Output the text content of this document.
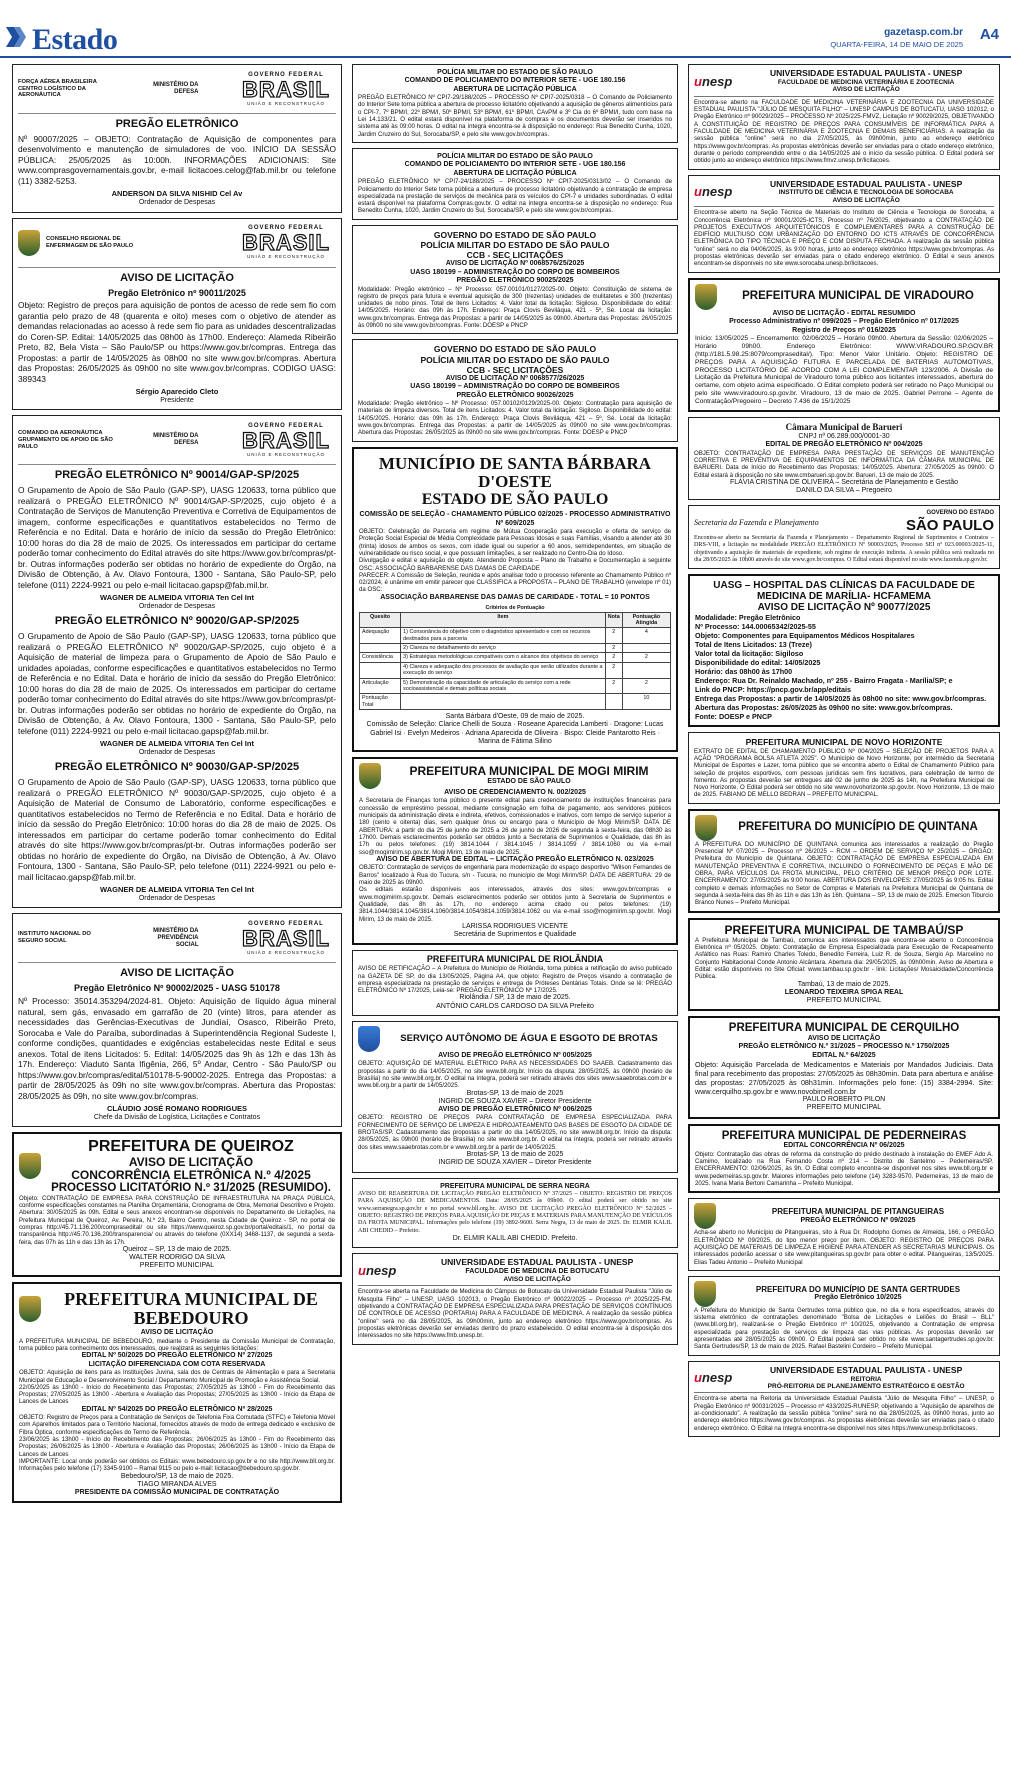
Estado	gazetasp.com.br
QUARTA-FEIRA, 14 DE MAIO DE 2025
A4
FORÇA AÉREA BRASILEIRA CENTRO LOGÍSTICO DA AERONÁUTICA
MINISTÉRIO DA DEFESA
GOVERNO FEDERAL
BRASIL
UNIÃO E RECONSTRUÇÃO
PREGÃO ELETRÔNICO
Nº 90007/2025 – OBJETO: Contratação de Aquisição de componentes para desenvolvimento e manutenção de simuladores de voo. INÍCIO DA SESSÃO PÚBLICA: 25/05/2025 às 10:00h. INFORMAÇÕES ADICIONAIS: Site www.comprasgovernamentais.gov.br, e-mail licitacoes.celog@fab.mil.br ou telefone (11) 3382-5253.
ANDERSON DA SILVA NISHID Cel Av
Ordenador de Despesas
CONSELHO REGIONAL DE ENFERMAGEM DE SÃO PAULO
GOVERNO FEDERAL
BRASIL
UNIÃO E RECONSTRUÇÃO
AVISO DE LICITAÇÃO
Pregão Eletrônico nº 90011/2025
Objeto: Registro de preços para aquisição de pontos de acesso de rede sem fio com garantia pelo prazo de 48 (quarenta e oito) meses com o objetivo de atender as demandas relacionadas ao acesso à rede sem fio para as unidades descentralizadas do Coren-SP. Editai: 14/05/2025 das 08h00 às 17h00. Endereço: Alameda Ribeirão Preto, 82, Bela Vista – São Paulo/SP ou https://www.gov.br/compras. Entrega das Propostas: a partir de 14/05/2025 às 08h00 no site www.gov.br/compras. Abertura das Propostas: 26/05/2025 às 09h00 no site www.gov.br/compras. CODIGO UASG: 389343
Sérgio Aparecido Cleto
Presidente
COMANDO DA AERONÁUTICA GRUPAMENTO DE APOIO DE SÃO PAULO
MINISTÉRIO DA DEFESA
GOVERNO FEDERAL
BRASIL
UNIÃO E RECONSTRUÇÃO
PREGÃO ELETRÔNICO Nº 90014/GAP-SP/2025
O Grupamento de Apoio de São Paulo (GAP-SP), UASG 120633, torna público que realizará o PREGÃO ELETRÔNICO Nº 90014/GAP-SP/2025, cujo objeto é a Contratação de Serviços de Manutenção Preventiva e Corretiva de Equipamentos de imagem, conforme especificações e quantitativos estabelecidos no Termo de Referência e no Edital. Data e horário de início da sessão do Pregão Eletrônico: 10:00 horas do dia 28 de maio de 2025. Os interessados em participar do certame poderão tomar conhecimento do Edital através do site https://www.gov.br/compras/pt-br. Outras informações poderão ser obtidas no horário de expediente do Órgão, na Divisão de Obtenção, à Av. Olavo Fontoura, 1300 - Santana, São Paulo-SP, pelo telefone (011) 2224-9921 ou pelo e-mail licitacao.gapsp@fab.mil.br.
WAGNER DE ALMEIDA VITORIA Ten Cel Int
Ordenador de Despesas
PREGÃO ELETRÔNICO Nº 90020/GAP-SP/2025
O Grupamento de Apoio de São Paulo (GAP-SP), UASG 120633, torna público que realizará o PREGÃO ELETRÔNICO Nº 90020/GAP-SP/2025, cujo objeto é a Aquisição de material de limpeza para o Grupamento de Apoio de São Paulo e unidades apoiadas, conforme especificações e quantitativos estabelecidos no Termo de Referência e no Edital. Data e horário de início da sessão do Pregão Eletrônico: 10:00 horas do dia 28 de maio de 2025. Os interessados em participar do certame poderão tomar conhecimento do Edital através do site https://www.gov.br/compras/pt-br. Outras informações poderão ser obtidas no horário de expediente do Órgão, na Divisão de Obtenção, à Av. Olavo Fontoura, 1300 - Santana, São Paulo-SP, pelo telefone (011) 2224-9921 ou pelo e-mail licitacao.gapsp@fab.mil.br.
WAGNER DE ALMEIDA VITORIA Ten Cel Int
Ordenador de Despesas
PREGÃO ELETRÔNICO Nº 90030/GAP-SP/2025
O Grupamento de Apoio de São Paulo (GAP-SP), UASG 120633, torna público que realizará o PREGÃO ELETRÔNICO Nº 90030/GAP-SP/2025, cujo objeto é a Aquisição de Material de Consumo de Laboratório, conforme especificações e quantitativos estabelecidos no Termo de Referência e no Edital. Data e horário de início da sessão do Pregão Eletrônico: 10:00 horas do dia 28 de maio de 2025. Os interessados em participar do certame poderão tomar conhecimento do Edital através do site https://www.gov.br/compras/pt-br. Outras informações poderão ser obtidas no horário de expediente do Órgão, na Divisão de Obtenção, à Av. Olavo Fontoura, 1300 - Santana, São Paulo-SP, pelo telefone (011) 2224-9921 ou pelo e-mail licitacao.gapsp@fab.mil.br.
WAGNER DE ALMEIDA VITORIA Ten Cel Int
Ordenador de Despesas
INSTITUTO NACIONAL DO SEGURO SOCIAL
MINISTÉRIO DA PREVIDÊNCIA SOCIAL
GOVERNO FEDERAL
BRASIL
UNIÃO E RECONSTRUÇÃO
AVISO DE LICITAÇÃO
Pregão Eletrônico Nº 90002/2025 - UASG 510178
Nº Processo: 35014.353294/2024-81. Objeto: Aquisição de líquido água mineral natural, sem gás, envasado em garrafão de 20 (vinte) litros, para atender as necessidades das Gerências-Executivas de Jundiaí, Osasco, Ribeirão Preto, Sorocaba e Vale do Paraíba, subordinadas à Superintendência Regional Sudeste I, conforme condições, quantidades e exigências estabelecidas neste Edital e seus anexos. Total de itens Licitados: 5. Edital: 14/05/2025 das 9h às 12h e das 13h às 17h. Endereço: Viaduto Santa Ifigênia, 266, 5º Andar, Centro - São Paulo/SP ou https://www.gov.br/compras/edital/510178-5-90002-2025. Entrega das Propostas: a partir de 28/05/2025 às 09h no site www.gov.br/compras. Abertura das Propostas: 28/05/2025 às 09h, no site www.gov.br/compras.
CLÁUDIO JOSÉ ROMANO RODRIGUES
Chefe da Divisão de Logística, Licitações e Contratos
PREFEITURA DE QUEIROZ
AVISO DE LICITAÇÃO
CONCORRÊNCIA ELETRÔNICA N.º 4/2025
PROCESSO LICITATÓRIO N.º 31/2025 (RESUMIDO).
Objeto: CONTRATAÇÃO DE EMPRESA PARA CONSTRUÇÃO DE INFRAESTRUTURA NA PRAÇA PÚBLICA, conforme especificações constantes na Planilha Orçamentária, Cronograma de Obra, Memorial Descritivo e Projeto. Abertura: 30/05/2025 às 09h. Edital e seus anexos encontram-se disponíveis no Departamento de Licitações, na Prefeitura Municipal de Queiroz, Av. Pereira, N.º 23, Bairro Centro, nesta Cidade de Queiroz - SP, no portal de compras http://45.71.136.200/comprasedital/ ou site https://www.queiroz.sp.gov.br/portal/editais/1, no portal da transparência http://45.70.136.200/transparencia/ ou através do telefone (0XX14) 3468-1137, de segunda a sexta-feira, das 07h às 11h e das 13h às 17h.
Queiroz – SP, 13 de maio de 2025.
WALTER RODRIGO DA SILVA
PREFEITO MUNICIPAL
PREFEITURA MUNICIPAL DE BEBEDOURO
AVISO DE LICITAÇÃO
A PREFEITURA MUNICIPAL DE BEBEDOURO, mediante o Presidente da Comissão Municipal de Contratação, torna público para conhecimento dos interessados, que realizará as seguintes licitações:
EDITAL Nº 50/2025 DO PREGÃO ELETRÔNICO Nº 27/2025
LICITAÇÃO DIFERENCIADA COM COTA RESERVADA
OBJETO: Aquisição de itens para as Instituições Juvina, sala dos de Centrais de Alimentação e para a Secretaria Municipal de Educação e Desenvolvimento Social / Departamento Municipal de Promoção e Assistência Social.
22/05/2025 às 13h00 - Início do Recebimento das Propostas; 27/05/2025 às 13h00 - Fim do Recebimento das Propostas; 27/05/2025 às 13h00 - Abertura e Avaliação das Propostas; 27/05/2025 às 13h00 - Início da Etapa de Lances de Lances
EDITAL Nº 54/2025 DO PREGÃO ELETRÔNICO Nº 28/2025
OBJETO: Registro de Preços para a Contratação de Serviços de Telefonia Fixa Comutada (STFC) e Telefonia Móvel com Aparelhos limitados para o Território Nacional, fornecidos através de modo de entrega dedicado e exclusivo de Fibra Óptica, conforme especificações do Termo de Referência.
23/06/2025 às 13h00 - Início do Recebimento das Propostas; 26/06/2025 às 13h00 - Fim do Recebimento das Propostas; 26/06/2025 às 13h00 - Abertura e Avaliação das Propostas; 26/06/2025 às 13h00 - Início da Etapa de Lances de Lances
IMPORTANTE: Local onde poderão ser obtidos os Editais: www.bebedouro.sp.gov.br e no site http://www.bll.org.br. Informações pelo telefone (17) 3345-9100 – Ramal 9115 ou pelo e-mail: licitacao@bebedouro.sp.gov.br.
Bebedouro/SP, 13 de maio de 2025.
TIAGO MIRANDA ALVES
PRESIDENTE DA COMISSÃO MUNICIPAL DE CONTRATAÇÃO
POLÍCIA MILITAR DO ESTADO DE SÃO PAULO
COMANDO DE POLICIAMENTO DO INTERIOR SETE - UGE 180.156
ABERTURA DE LICITAÇÃO PÚBLICA
PREGÃO ELETRÔNICO Nº CPI7-29/188/2025 – PROCESSO Nº CPI7-2025/0318 – O Comando de Policiamento do Interior Sete torna pública a abertura de processo licitatório objetivando a aquisição de gêneros alimentícios para o CPI-7, 7º BPM/I, 22º BPM/I, 50º BPM/I, 53º BPM/I, 61º BPM/I, CAvPM e 3º Cia do 6º BPMI/I, tudo com base na Lei 14.133/21. O edital estará disponível na plataforma de compras e os documentos deverão ser inseridos no sistema até às 09:00 horas. O edital na íntegra encontra-se à disposição no endereço: Rua Benedito Cunha, 1020, Jardim Cruzeiro do Sul, Sorocaba/SP, e pelo site www.gov.br/compras.
POLÍCIA MILITAR DO ESTADO DE SÃO PAULO
COMANDO DE POLICIAMENTO DO INTERIOR SETE - UGE 180.156
ABERTURA DE LICITAÇÃO PÚBLICA
PREGÃO ELETRÔNICO Nº CPI7-24/188/2025 – PROCESSO Nº CPI7-2025/0313/02 – O Comando de Policiamento do Interior Sete torna pública a abertura de processo licitatório objetivando a contratação de empresa especializada na prestação de serviços de mecânica para os veículos do CPI-7 e unidades subordinadas. O edital estará disponível na plataforma Compras.gov.br. O edital na íntegra encontra-se à disposição no endereço: Rua Benedito Cunha, 1020, Jardim Cruzeiro do Sul, Sorocaba/SP, e pelo site www.gov.br/compras.
GOVERNO DO ESTADO DE SÃO PAULO
POLÍCIA MILITAR DO ESTADO DE SÃO PAULO
CCB - SEC LICITAÇÕES
AVISO DE LICITAÇÃO Nº 0068576/25/2025
UASG 180199 – ADMINISTRAÇÃO DO CORPO DE BOMBEIROS
PREGÃO ELETRÔNICO 90025/2025
Modalidade: Pregão eletrônico – Nº Processo: 057.00101/0127/2025-00. Objeto: Constituição de sistema de registro de preços para futura e eventual aquisição de 300 (trezentas) unidades de mulitatetes e 300 (trezentas) unidades de nobo pinos. Total de itens Licitados: 4. Valor total da licitação: Sigiloso. Disponibilidade do edital: 14/05/2025. Horário: das 09h às 17h. Endereço: Praça Clovis Beviláqua, 421 - 5º, Sé. Local da licitação: www.gov.br/compras. Entrega das Propostas: a partir de 14/05/2025 às 09h00. Abertura das Propostas: 26/05/2025 às 09h00 no site www.gov.br/compras. Fonte: DOESP e PNCP
GOVERNO DO ESTADO DE SÃO PAULO
POLÍCIA MILITAR DO ESTADO DE SÃO PAULO
CCB - SEC LICITAÇÕES
AVISO DE LICITAÇÃO Nº 0068577/26/2025
UASG 180199 – ADMINISTRAÇÃO DO CORPO DE BOMBEIROS
PREGÃO ELETRÔNICO 90026/2025
Modalidade: Pregão eletrônico – Nº Processo: 057.00102/0129/2025-00. Objeto: Contratação para aquisição de materiais de limpeza diversos. Total de itens Licitados: 4. Valor total da licitação: Sigiloso. Disponibilidade do edital: 14/05/2025. Horário: das 09h às 17h. Endereço: Praça Clovis Beviláqua, 421 – 5º, Sé. Local da licitação: www.gov.br/compras. Entrega das Propostas: a partir de 14/05/2025 às 09h00 no site www.gov.br/compras. Abertura das Propostas: 26/05/2025 às 09h00 no site www.gov.br/compras. Fonte: DOESP e PNCP
MUNICÍPIO DE SANTA BÁRBARA D'OESTE
ESTADO DE SÃO PAULO
COMISSÃO DE SELEÇÃO - CHAMAMENTO PÚBLICO 02/2025 - PROCESSO ADMINISTRATIVO Nº 609/2025
OBJETO: Celebração de Parceria em regime de Mútua Cooperação para execução e oferta de serviço de Proteção Social Especial de Média Complexidade para Pessoas Idosas e suas Famílias, visando a atender até 30 (trinta) idosos de ambos os sexos, com idade igual ou superior a 60 anos, semidependentes, em situação de vulnerabilidade ou risco social, e que possuam limitações, a ser realizado no Centro-Dia do Idoso.
Divulgação e edital e aquisição do objeto. Atendendo Proposta – Plano de Trabalho e Documentação a seguinte OSC: ASSOCIAÇÃO BARBARENSE DAS DAMAS DE CARIDADE
PARECER: A Comissão de Seleção, reunida e após analisar todo o processo referente ao Chamamento Público nº 02/2024, é unânime em emitir parecer que CLASSIFICA a PROPOSTA – PLANO DE TRABALHO (envelope nº 01) da OSC:
ASSOCIAÇÃO BARBARENSE DAS DAMAS DE CARIDADE - TOTAL = 10 PONTOS
Critérios de Pontuação
Quesito	Item	Nota	Pontuação Atingida
Adequação	1) Consonância do objetivo com o diagnóstico apresentado e com os recursos destinados para a parceria	2	4
	2) Clareza no detalhamento do serviço	2	
Consistência	3) Estratégias metodológicas compatíveis com o alcance dos objetivos do serviço	2	2
	4) Clareza e adequação dos processos de avaliação que serão utilizados durante a execução do serviço	2	
Articulação	5) Demonstração da capacidade de articulação do serviço com a rede socioassistencial e demais políticas sociais	2	2
Pontuação Total			10
Santa Bárbara d'Oeste, 09 de maio de 2025.
Comissão de Seleção: Clarice Chelli de Souza · Roseane Aparecida Lamberti · Dragone: Lucas Gabriel Isi · Evelyn Medeiros · Adriana Aparecida de Oliveira · Bispo: Cleide Pantarotto Reis · Marina de Fátima Silino
PREFEITURA MUNICIPAL DE MOGI MIRIM
ESTADO DE SÃO PAULO
AVISO DE CREDENCIAMENTO N. 002/2025
A Secretaria de Finanças torna público o presente edital para credenciamento de instituições financeiras para concessão de empréstimo pessoal, mediante consignação em folha de pagamento, aos servidores públicos municipais da administração direta e indireta, efetivos, comissionados e inativos, com tempo de serviço superior a 180 (cento e oitenta) dias, sem qualquer ônus ou encargo para o Município de Mogi Mirim/SP. DATA DE ABERTURA: a partir do dia 25 de junho de 2025 a 26 de junho de 2026 de segunda à sexta-feira, das 08h30 às 17h00. Demais esclarecimentos poderão ser obtidos junto a Secretaria de Suprimentos e Qualidade, das 8h às 17h ou pelos telefones: (19) 3814.1044 / 3814.1045 / 3814.1059 / 3814.1060 ou via e-mail sso@mogimirim.sp.gov.br. Mogi Mirim, 13 de maio de 2025.
AVISO DE ABERTURA DE EDITAL – LICITAÇÃO PREGÃO ELETRÔNICO N. 023/2025
OBJETO: Contratação de serviços de engenharia para modernização do espaço desportivo "Wilson Fernandes de Barros" localizado à Rua do Tucura, s/n - Tucura, no município de Mogi Mirim/SP. DATA DE ABERTURA: 29 de maio de 2025 às 09h00.
Os editais estarão disponíveis aos interessados, através dos sites: www.gov.br/compras e www.mogimirim.sp.gov.br. Demais esclarecimentos poderão ser obtidos junto à Secretaria de Suprimentos e Qualidade, das 8h às 17h, no endereço acima citado ou pelos telefones: (19) 3814.1044/3814.1045/3814.1060/3814.1054/3814.1059/3814.1062 ou via e-mail sso@mogimirim.sp.gov.br. Mogi Mirim, 13 de maio de 2025.
LARISSA RODRIGUES VICENTE
Secretária de Suprimentos e Qualidade
PREFEITURA MUNICIPAL DE RIOLÂNDIA
AVISO DE RETIFICAÇÃO – A Prefeitura do Município de Riolândia, torna pública a retificação do aviso publicado na GAZETA DE SP, do dia 13/05/2025, Página A4, que objeto: Registro de Preços visando a contratação de empresa especializada na prestação de serviços e entrega de Próteses Dentárias Totais. Onde se lê: PREGÃO ELETRÔNICO Nº 17/2025, Leia-se: PREGÃO ELETRÔNICO Nº 17/2025.
Riolândia / SP, 13 de maio de 2025.
ANTÔNIO CARLOS CARDOSO DA SILVA Prefeito
SERVIÇO AUTÔNOMO DE ÁGUA E ESGOTO DE BROTAS
AVISO DE PREGÃO ELETRÔNICO Nº 005/2025
OBJETO: AQUISIÇÃO DE MATERIAL ELÉTRICO PARA AS NECESSIDADES DO SAAEB. Cadastramento das propostas a partir do dia 14/05/2025, no site www.bll.org.br. Início da disputa: 28/05/2025, às 09h00 (horário de Brasília) no site www.bll.org.br. O edital na íntegra, poderá ser retirado através dos sites www.saaebrotas.com.br e www.bll.org.br a partir de 14/05/2025.
Brotas-SP, 13 de maio de 2025
INGRID DE SOUZA XAVIER – Diretor Presidente
AVISO DE PREGÃO ELETRÔNICO Nº 006/2025
OBJETO: REGISTRO DE PREÇOS PARA CONTRATAÇÃO DE EMPRESA ESPECIALIZADA PARA FORNECIMENTO DE SERVIÇO DE LIMPEZA E HIDROJATEAMENTO DAS BASES DE ESGOTO DA CIDADE DE BROTAS/SP. Cadastramento das propostas a partir do dia 14/05/2025, no site www.bll.org.br. Início da disputa: 28/05/2025, às 09h00 (horário de Brasília) no site www.bll.org.br. O edital na íntegra, poderá ser retirado através dos sites www.saaebrotas.com.br e www.bll.org.br a partir de 14/05/2025.
Brotas-SP, 13 de maio de 2025
INGRID DE SOUZA XAVIER – Diretor Presidente
PREFEITURA MUNICIPAL DE SERRA NEGRA
AVISO DE REABERTURA DE LICITAÇÃO PREGÃO ELETRÔNICO Nº 37/2025 – OBJETO: REGISTRO DE PREÇOS PARA AQUISIÇÃO DE MEDICAMENTOS. Data: 28/05/2025 às 09h00. O edital poderá ser obtido no site www.serranegra.sp.gov.br e no portal www.bll.org.br. AVISO DE LICITAÇÃO PREGÃO ELETRÔNICO Nº 52/2025 – OBJETO: REGISTRO DE PREÇOS PARA AQUISIÇÃO DE PEÇAS E MATERIAIS PARA MANUTENÇÃO DE VEÍCULOS DA FROTA MUNICIPAL. Informações pelo telefone (19) 3892-9600. Serra Negra, 13 de maio de 2025. Dr. ELMIR KALIL ABI CHEDID – Prefeito.
Dr. ELMIR KALIL ABI CHEDID. Prefeito.
unesp
UNIVERSIDADE ESTADUAL PAULISTA - UNESP
FACULDADE DE MEDICINA DE BOTUCATU
AVISO DE LICITAÇÃO
Encontra-se aberta na Faculdade de Medicina do Câmpus de Botucatu da Universidade Estadual Paulista "Júlio de Mesquita Filho" – UNESP, UASG 102013, o Pregão Eletrônico nº 90022/2025 – Processo nº 2025/225-FM, objetivando a CONTRATAÇÃO DE EMPRESA ESPECIALIZADA PARA PRESTAÇÃO DE SERVIÇOS CONTÍNUOS DE CONTROLE DE ACESSO (PORTARIA) PARA A FACULDADE DE MEDICINA. A realização da sessão pública "online" será no dia 28/05/2025, às 09h00min, junto ao endereço eletrônico https://www.gov.br/compras. As propostas eletrônicas deverão ser enviadas dentro do prazo estabelecido. O edital encontra-se à disposição dos interessados no site https://www.fmb.unesp.br.
unesp
UNIVERSIDADE ESTADUAL PAULISTA - UNESP
FACULDADE DE MEDICINA VETERINÁRIA E ZOOTECNIA
AVISO DE LICITAÇÃO
Encontra-se aberto na FACULDADE DE MEDICINA VETERINÁRIA E ZOOTECNIA DA UNIVERSIDADE ESTADUAL PAULISTA "JÚLIO DE MESQUITA FILHO" – UNESP CAMPUS DE BOTUCATU, UASG 102012, o Pregão Eletrônico nº 90029/2025 – PROCESSO Nº 2025/225-FMVZ, Licitação nº 90029/2025, OBJETIVANDO A CONSTITUIÇÃO DE REGISTRO DE PREÇOS PARA CONSUMÍVEIS DE INFORMÁTICA PARA A FACULDADE DE MEDICINA VETERINÁRIA E ZOOTECNIA E DEMAIS BENEFICIÁRIAS. A realização da sessão pública "online" será no dia 27/05/2025, às 09h00min, junto ao endereço eletrônico https://www.gov.br/compras. As propostas eletrônicas deverão ser enviadas para o citado endereço eletrônico, durante o período compreendido entre o dia 14/05/2025 até o início da sessão pública. O Edital poderá ser obtido junto ao endereço eletrônico https://www.fmvz.unesp.br/licitacoes.
unesp
UNIVERSIDADE ESTADUAL PAULISTA - UNESP
INSTITUTO DE CIÊNCIA E TECNOLOGIA DE SOROCABA
AVISO DE LICITAÇÃO
Encontra-se aberto na Seção Técnica de Materiais do Instituto de Ciência e Tecnologia de Sorocaba, a Concorrência Eletrônica nº 90001/2025-ICTS, Processo nº 76/2025, objetivando a CONTRATAÇÃO DE PROJETOS EXECUTIVOS ARQUITETÔNICOS E COMPLEMENTARES PARA A CONSTRUÇÃO DE EDIFÍCIO MULTIUSO COM URBANIZAÇÃO DO ENTORNO DO ICTS ATRAVÉS DE CONCORRÊNCIA ELETRÔNICA DO TIPO TÉCNICA E PREÇO E COM DISPUTA FECHADA. A realização da sessão pública "online" será no dia 04/06/2025, às 9:00 horas, junto ao endereço eletrônico https://www.gov.br/compras. As propostas eletrônicas deverão ser enviadas para o citado endereço eletrônico. O Edital e seus anexos encontram-se disponíveis no site www.sorocaba.unesp.br/licitacoes.
PREFEITURA MUNICIPAL DE VIRADOURO
AVISO DE LICITAÇÃO - EDITAL RESUMIDO
Processo Administrativo nº 099/2025 – Pregão Eletrônico nº 017/2025
Registro de Preços nº 016/2025
Início: 13/05/2025 – Encerramento: 02/06/2025 – Horário 09h00. Abertura da Sessão: 02/06/2025 – Horário 09h00. Endereço Eletrônico: WWW.VIRADOURO.SP.GOV.BR (http://181.5.98.25:8079/comprasedital/). Tipo: Menor Valor Unitário. Objeto: REGISTRO DE PREÇOS PARA A AQUISIÇÃO FUTURA E PARCELADA DE BATERIAS AUTOMOTIVAS, PROCESSO LICITATÓRIO DE ACORDO COM A LEI COMPLEMENTAR 123/2006. A Divisão de Licitação da Prefeitura Municipal de Viradouro torna público aos licitantes interessados, abertura do certame, com objeto acima especificado. O Edital completo poderá ser retirado no Paço Municipal ou pelo site www.viradouro.sp.gov.br. Viradouro, 13 de maio de 2025. Gabriel Perrone – Agente de Contratação/Pregoeiro – Decreto 7.436 de 15/1/2025
Câmara Municipal de Barueri
CNPJ nº 06.289.000/0001-30
EDITAL DE PREGÃO ELETRÔNICO Nº 004/2025
OBJETO: CONTRATAÇÃO DE EMPRESA PARA PRESTAÇÃO DE SERVIÇOS DE MANUTENÇÃO CORRETIVA E PREVENTIVA DE EQUIPAMENTOS DE INFORMÁTICA DA CÂMARA MUNICIPAL DE BARUERI. Data de Início do Recebimento das Propostas: 14/05/2025. Abertura: 27/05/2025 às 09h00. O Edital estará à disposição no site www.cmbarueri.sp.gov.br. Barueri, 13 de maio de 2025.
FLÁVIA CRISTINA DE OLIVEIRA – Secretária de Planejamento e Gestão
DANILO DA SILVA – Pregoeiro
Secretaria da Fazenda e Planejamento
GOVERNO DO ESTADO
SÃO PAULO
Encontra-se aberto na Secretaria da Fazenda e Planejamento – Departamento Regional de Suprimentos e Contratos – DRS-VIII, a licitação na modalidade PREGÃO ELETRÔNICO Nº 90003/2025, Processo SEI nº 023.00003/2025-11, objetivando a aquisição de materiais de expediente, sob regime de execução indireta. A sessão pública será realizada no dia 28/05/2025 às 10h00 através do site www.gov.br/compras. O Edital estará disponível no site www.fazenda.sp.gov.br.
UASG – HOSPITAL DAS CLÍNICAS DA FACULDADE DE MEDICINA DE MARÍLIA- HCFAMEMA
AVISO DE LICITAÇÃO Nº 90077/2025
Modalidade: Pregão Eletrônico
Nº Processo: 144.00065342/2025-55
Objeto: Componentes para Equipamentos Médicos Hospitalares
Total de Itens Licitados: 13 (Treze)
Valor total da licitação: Sigiloso
Disponibilidade do edital: 14/05/2025
Horário: das 08h00 às 17h00
Endereço: Rua Dr. Reinaldo Machado, nº 255 - Bairro Fragata - Marília/SP; e
Link do PNCP: https://pncp.gov.br/app/editais
Entrega das Propostas: a partir de 14/05/2025 às 08h00 no site: www.gov.br/compras.
Abertura das Propostas: 26/05/2025 às 09h00 no site: www.gov.br/compras.
Fonte: DOESP e PNCP
PREFEITURA MUNICIPAL DE NOVO HORIZONTE
EXTRATO DE EDITAL DE CHAMAMENTO PÚBLICO Nº 004/2025 – SELEÇÃO DE PROJETOS PARA A AÇÃO "PROGRAMA BOLSA ATLETA 2025". O Município de Novo Horizonte, por intermédio da Secretaria Municipal de Esportes e Lazer, torna público que se encontra aberto o Edital de Chamamento Público para seleção de projetos esportivos, com pessoas jurídicas sem fins lucrativos, para celebração de termo de fomento. As propostas deverão ser entregues até 02 de junho de 2025 às 14h, na Prefeitura Municipal de Novo Horizonte. O Edital poderá ser obtido no site www.novohorizonte.sp.gov.br. Novo Horizonte, 13 de maio de 2025. FABIANO DE MELLO BEDRAN – PREFEITO MUNICIPAL.
PREFEITURA DO MUNICÍPIO DE QUINTANA
A PREFEITURA DO MUNICÍPIO DE QUINTANA comunica aos interessados a realização do Pregão Presencial Nº 07/2025 – Processo nº 26/2025 – RCM – ORDEM DE SERVIÇO Nº 25/2025 – ÓRGÃO: Prefeitura do Município de Quintana. OBJETO: CONTRATAÇÃO DE EMPRESA ESPECIALIZADA EM MANUTENÇÃO PREVENTIVA E CORRETIVA, INCLUINDO O FORNECIMENTO DE PEÇAS E MÃO DE OBRA, PARA VEÍCULOS DA FROTA MUNICIPAL, PELO CRITÉRIO DE MENOR PREÇO POR LOTE. ENCERRAMENTO: 27/05/2025 às 9:00 horas. ABERTURA DOS ENVELOPES: 27/05/2025 às 9:05 hs. Editai completo e demais informações no Setor de Compras e Materiais na Prefeitura Municipal de Quintana de segunda à sexta-feira das 8h às 11h e das 13h às 16h. Quintana – SP, 13 de maio de 2025. Emerson Tiburcio Branco Nunes – Prefeito Municipal.
PREFEITURA MUNICIPAL DE TAMBAÚ/SP
A Prefeitura Municipal de Tambaú, comunica aos interessados que encontra-se aberto o Concorrência Eletrônica nº 05/2025. Objeto: Contratação de Empresa Especializada para Execução de Recapeamento Asfáltico nas Ruas: Ramiro Charles Toledo, Benedito Ferreira, Luiz R. de Souza, Sergio Ap. Marcelino no Conjunto Habitacional Conde Antonio Alcântara. Abertura dia: 29/05/2025, às 09h00min. Aviso de Abertura e Edital: estão disponíveis no Site Oficial: www.tambau.sp.gov.br - link: Licitações/ Mosaicidade/Concorrência Pública.
Tambaú, 13 de maio de 2025.
LEONARDO TEIXEIRA SPIGA REAL
PREFEITO MUNICIPAL
PREFEITURA MUNICIPAL DE CERQUILHO
AVISO DE LICITAÇÃO
PREGÃO ELETRÔNICO N.º 31/2025 – PROCESSO N.º 1750/2025
EDITAL N.º 64/2025
Objeto: Aquisição Parcelada de Medicamentos e Materiais por Mandados Judiciais. Data final para recebimento das propostas: 27/05/2025 às 08h30min. Data para abertura e análise das propostas: 27/05/2025 às 08h31min. Informações pelo fone: (15) 3384-2994. Site: www.cerquilho.sp.gov.br e www.novobirnell.com.br
PAULO ROBERTO PILON
PREFEITO MUNICIPAL
PREFEITURA MUNICIPAL DE PEDERNEIRAS
EDITAL CONCORRÊNCIA Nº 06/2025
Objeto: Contratação das obras de reforma da construção do prédio destinado à instalação do EMEF Ado A. Camimo, localizado na Rua Fernando Costa nº 214 – Distrito de Santelmo – Pederneiras/SP. ENCERRAMENTO: 02/06/2025, às 9h. O Edital completo encontra-se disponível nos sites www.bll.org.br e www.pederneiras.sp.gov.br. Maiores informações pelo telefone (14) 3283-9570. Pederneiras, 13 de maio de 2025. Ivana Maria Bertoni Camarinha – Prefeito Municipal.
PREFEITURA MUNICIPAL DE PITANGUEIRAS
PREGÃO ELETRÔNICO Nº 09/2025
Acha-se aberto no Município de Pitangueiras, sito à Rua Dr. Rodolpho Gomes de Almeida, 166, o PREGÃO ELETRÔNICO Nº 09/2025, do tipo menor preço por item. OBJETO: REGISTRO DE PREÇOS PARA AQUISIÇÃO DE MATERIAIS DE LIMPEZA E HIGIENE PARA ATENDER AS SECRETARIAS MUNICIPAIS. Os interessados poderão acessar o site www.pitangueiras.sp.gov.br para obter o edital. Pitangueiras, 13/5/2025. Elias Tadeu Antonio – Prefeito Municipal
PREFEITURA DO MUNICÍPIO DE SANTA GERTRUDES
Pregão Eletrônico 10/2025
A Prefeitura do Município de Santa Gertrudes torna público que, no dia e hora especificados, através do sistema eletrônico de contratações denominado "Bolsa de Licitações e Leilões do Brasil – BLL" (www.bll.org.br), realizará-se o Pregão Eletrônico nº 10/2025, objetivando a Contratação de empresa especializada para prestação de serviços de limpeza das vias públicas. As propostas deverão ser apresentadas até 28/05/2025 às 09h00. O Edital poderá ser obtido no site www.santagertrudes.sp.gov.br. Santa Gertrudes/SP, 13 de maio de 2025. Rafael Bastelini Cordeiro – Prefeito Municipal.
unesp
UNIVERSIDADE ESTADUAL PAULISTA - UNESP
REITORIA
PRÓ-REITORIA DE PLANEJAMENTO ESTRATÉGICO E GESTÃO
Encontra-se aberta na Reitoria da Universidade Estadual Paulista "Júlio de Mesquita Filho" – UNESP, o Pregão Eletrônico nº 90031/2025 – Processo nº 433/2025-RUNESP, objetivando a "Aquisição de aparelhos de ar-condicionado". A realização da sessão pública "online" será no dia 28/05/2025, às 09h00 horas, junto ao endereço eletrônico https://www.gov.br/compras. As propostas eletrônicas deverão ser enviadas para o citado endereço eletrônico. O Edital na íntegra encontra-se disponível nos sites https://www.unesp.br/licitacoes.
